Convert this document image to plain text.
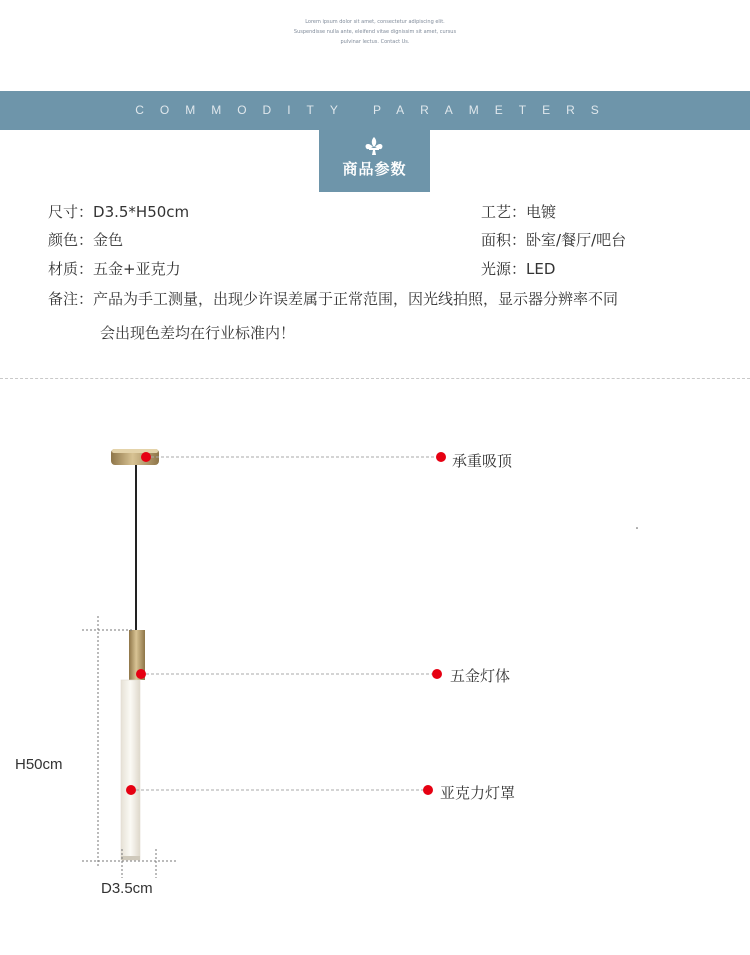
Lorem ipsum dolor sit amet, consectetur adipiscing elit.
Suspendisse nulla ante, eleifend vitae dignissim sit amet, cursus
pulvinar lectus. Contact Us.
COMMODITY PARAMETERS
商品参数
尺寸：D3.5*H50cm
颜色：金色
材质：五金+亚克力
工艺：电镀
面积：卧室/餐厅/吧台
光源：LED
备注：产品为手工测量，出现少许误差属于正常范围，因光线拍照，显示器分辨率不同
会出现色差均在行业标准内！
承重吸顶
五金灯体
亚克力灯罩
H50cm
D3.5cm
